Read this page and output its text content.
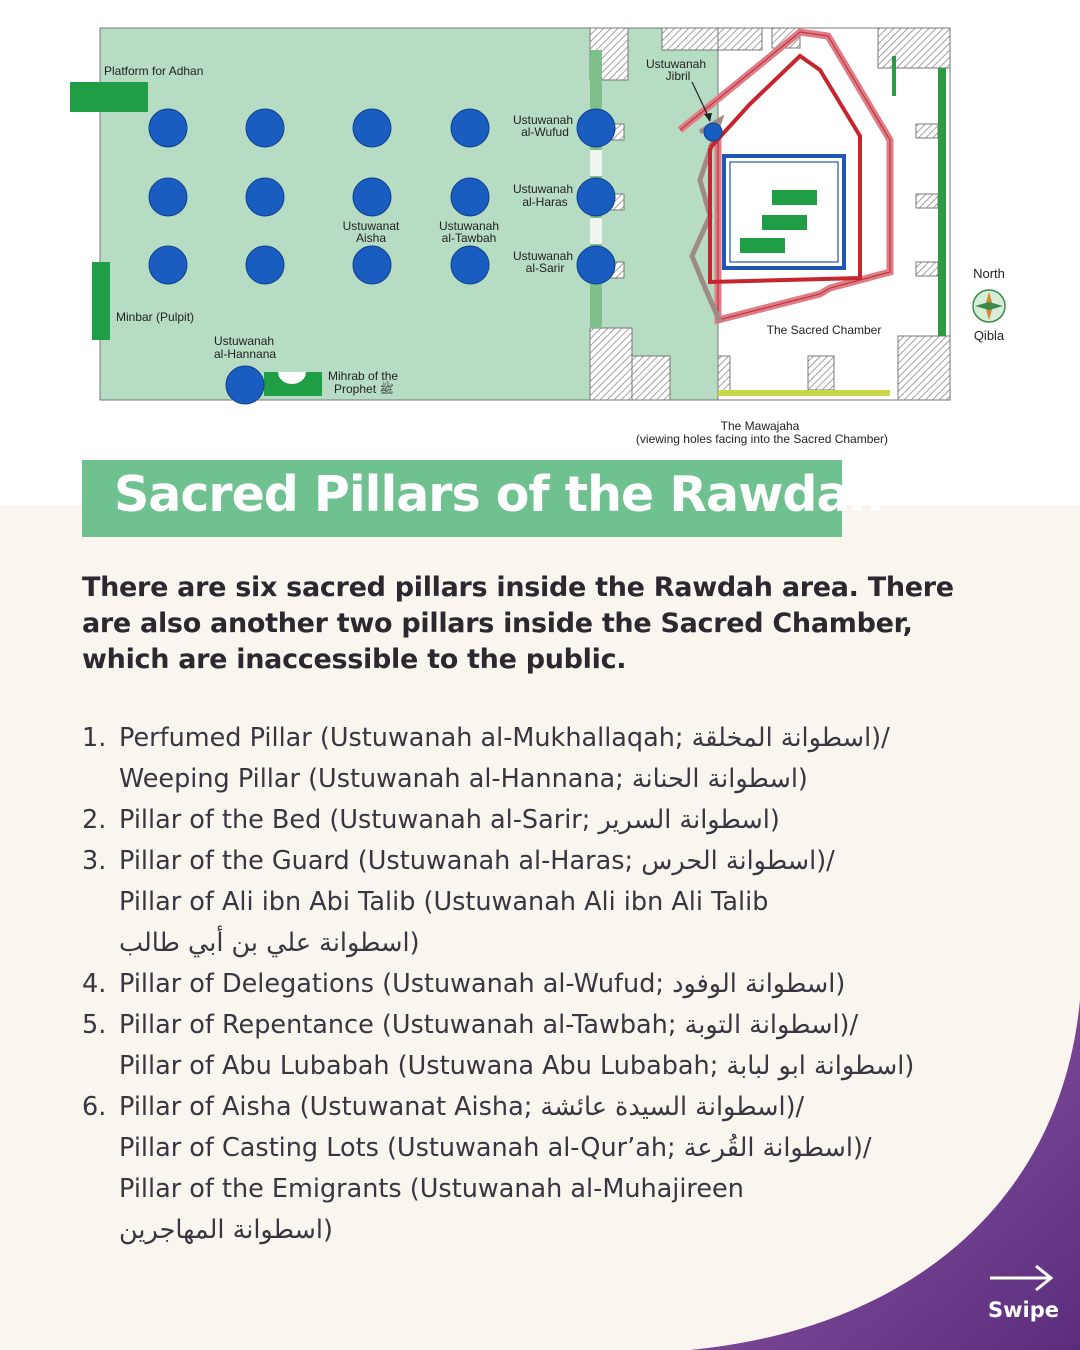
Platform for Adhan
Minbar (Pulpit)
Ustuwanah
al-Hannana
Mihrab of the
Prophet ﷺ
Ustuwanat
Aisha
Ustuwanah
al-Tawbah
Ustuwanah
al-Wufud
Ustuwanah
al-Haras
Ustuwanah
al-Sarir
Ustuwanah
Jibril
The Sacred Chamber
North
Qibla
The Mawajaha
(viewing holes facing into the Sacred Chamber)
Sacred Pillars of the Rawdah
There are six sacred pillars inside the Rawdah area. There
are also another two pillars inside the Sacred Chamber,
which are inaccessible to the public.
1. Perfumed Pillar (Ustuwanah al-Mukhallaqah; اسطوانة المخلقة)/
Weeping Pillar (Ustuwanah al-Hannana; اسطوانة الحنانة)
2. Pillar of the Bed (Ustuwanah al-Sarir; اسطوانة السرير)
3. Pillar of the Guard (Ustuwanah al-Haras; اسطوانة الحرس)/
Pillar of Ali ibn Abi Talib (Ustuwanah Ali ibn Ali Talib
اسطوانة علي بن أبي طالب)
4. Pillar of Delegations (Ustuwanah al-Wufud; اسطوانة الوفود)
5. Pillar of Repentance (Ustuwanah al-Tawbah; اسطوانة التوبة)/
Pillar of Abu Lubabah (Ustuwana Abu Lubabah; اسطوانة ابو لبابة)
6. Pillar of Aisha (Ustuwanat Aisha; اسطوانة السيدة عائشة)/
Pillar of Casting Lots (Ustuwanah al-Qur’ah; اسطوانة القُرعة)/
Pillar of the Emigrants (Ustuwanah al-Muhajireen
اسطوانة المهاجرين)
Swipe
